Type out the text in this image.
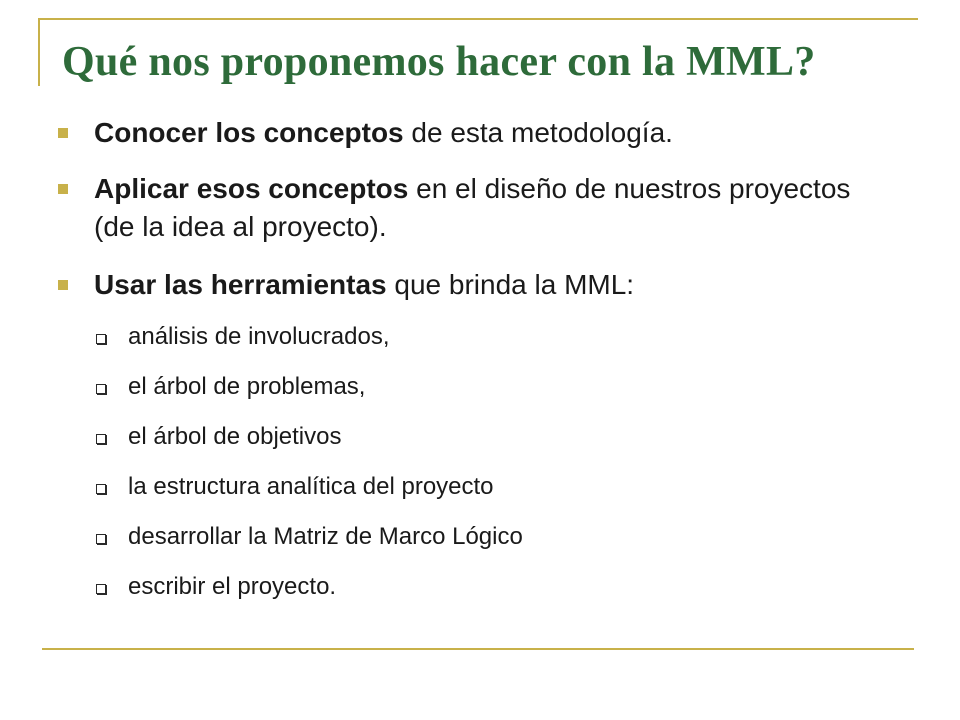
Qué nos proponemos hacer con la MML?
Conocer los conceptos de esta metodología.
Aplicar esos conceptos en el diseño de nuestros proyectos (de la idea al proyecto).
Usar las herramientas que brinda la MML:
análisis de involucrados,
el árbol de problemas,
el árbol de objetivos
la estructura analítica del proyecto
desarrollar la Matriz de Marco Lógico
escribir el proyecto.
